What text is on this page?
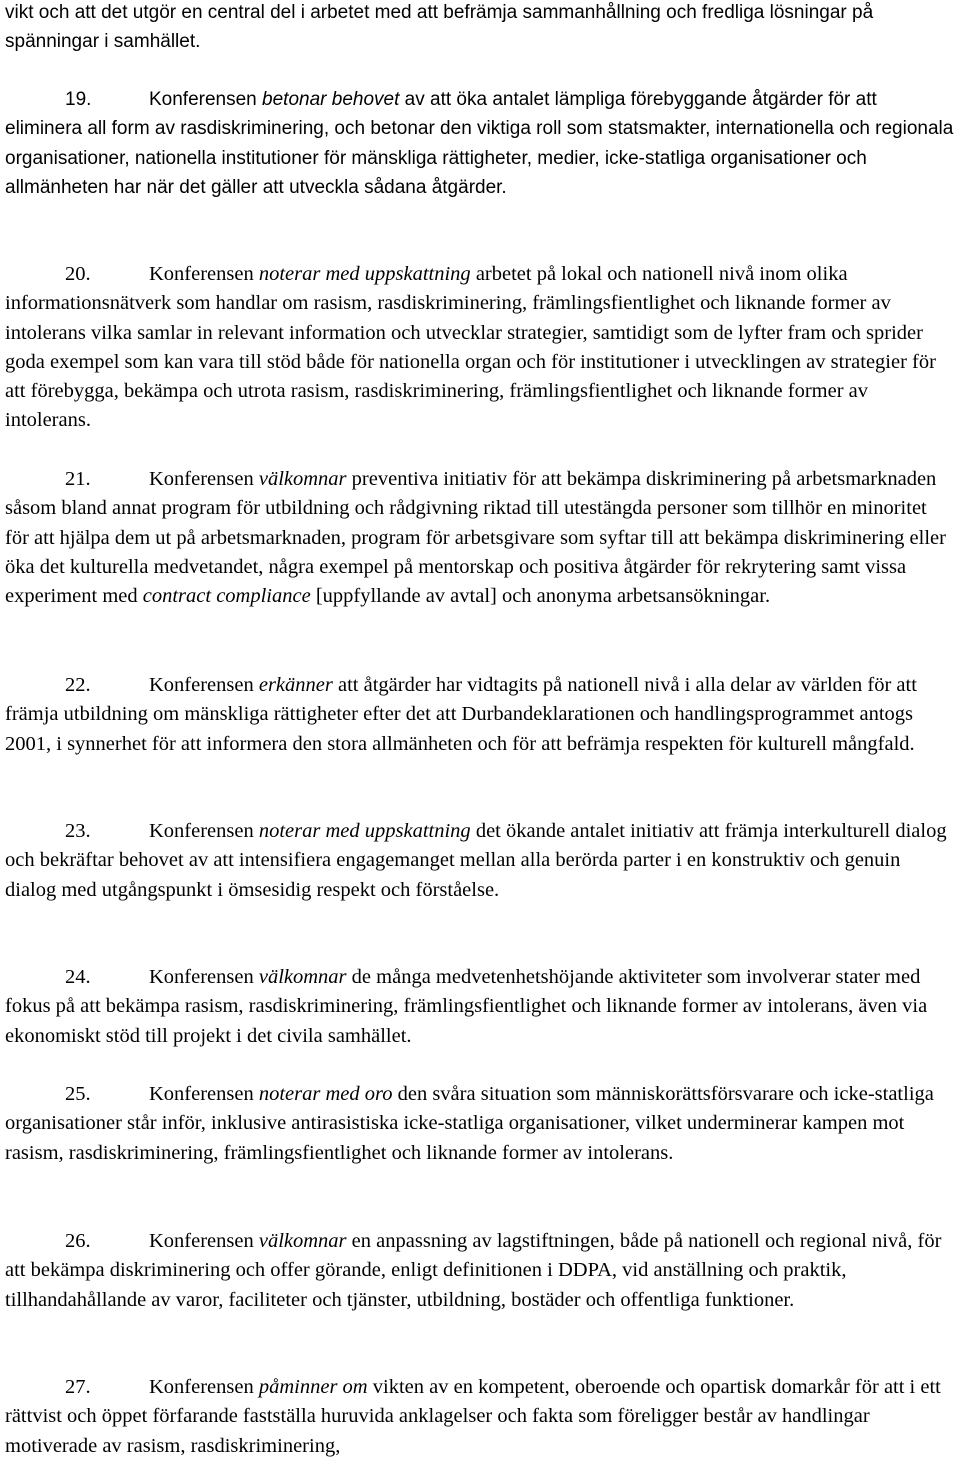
vikt och att det utgör en central del i arbetet med att befrämja sammanhållning och fredliga lösningar på spänningar i samhället.

19.	Konferensen betonar behovet av att öka antalet lämpliga förebyggande åtgärder för att eliminera all form av rasdiskriminering, och betonar den viktiga roll som statsmakter, internationella och regionala organisationer, nationella institutioner för mänskliga rättigheter, medier, icke-statliga organisationer och allmänheten har när det gäller att utveckla sådana åtgärder.

20.	Konferensen noterar med uppskattning arbetet på lokal och nationell nivå inom olika informationsnätverk som handlar om rasism, rasdiskriminering, främlingsfientlighet och liknande former av intolerans vilka samlar in relevant information och utvecklar strategier, samtidigt som de lyfter fram och sprider goda exempel som kan vara till stöd både för nationella organ och för institutioner i utvecklingen av strategier för att förebygga, bekämpa och utrota rasism, rasdiskriminering, främlingsfientlighet och liknande former av intolerans.

21.	Konferensen välkomnar preventiva initiativ för att bekämpa diskriminering på arbetsmarknaden såsom bland annat program för utbildning och rådgivning riktad till utestängda personer som tillhör en minoritet för att hjälpa dem ut på arbetsmarknaden, program för arbetsgivare som syftar till att bekämpa diskriminering eller öka det kulturella medvetandet, några exempel på mentorskap och positiva åtgärder för rekrytering samt vissa experiment med contract compliance [uppfyllande av avtal] och anonyma arbetsansökningar.

22.	Konferensen erkänner att åtgärder har vidtagits på nationell nivå i alla delar av världen för att främja utbildning om mänskliga rättigheter efter det att Durbandeklarationen och handlingsprogrammet antogs 2001, i synnerhet för att informera den stora allmänheten och för att befrämja respekten för kulturell mångfald.

23.	Konferensen noterar med uppskattning det ökande antalet initiativ att främja interkulturell dialog och bekräftar behovet av att intensifiera engagemanget mellan alla berörda parter i en konstruktiv och genuin dialog med utgångspunkt i ömsesidig respekt och förståelse.

24.	Konferensen välkomnar de många medvetenhetshöjande aktiviteter som involverar stater med fokus på att bekämpa rasism, rasdiskriminering, främlingsfientlighet och liknande former av intolerans, även via ekonomiskt stöd till projekt i det civila samhället.

25.	Konferensen noterar med oro den svåra situation som människorättsförsvarare och icke-statliga organisationer står inför, inklusive antirasistiska icke-statliga organisationer, vilket underminerar kampen mot rasism, rasdiskriminering, främlingsfientlighet och liknande former av intolerans.

26.	Konferensen välkomnar en anpassning av lagstiftningen, både på nationell och regional nivå, för att bekämpa diskriminering och offer görande, enligt definitionen i DDPA, vid anställning och praktik, tillhandahållande av varor, faciliteter och tjänster, utbildning, bostäder och offentliga funktioner.

27.	Konferensen påminner om vikten av en kompetent, oberoende och opartisk domarkår för att i ett rättvist och öppet förfarande fastställa huruvida anklagelser och fakta som föreligger består av handlingar motiverade av rasism, rasdiskriminering,
